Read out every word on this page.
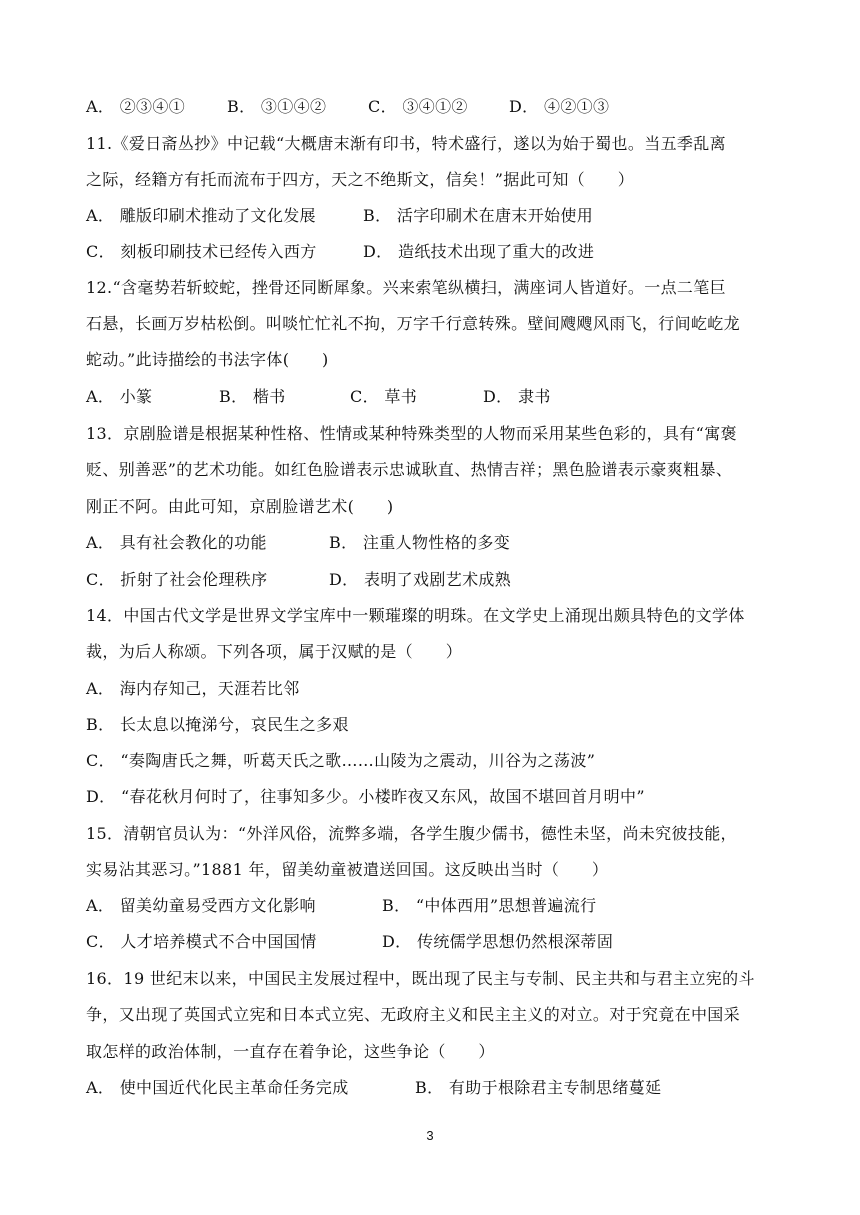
A． ②③④①	B． ③①④②	C． ③④①②	D． ④②①③
11.《爱日斋丛抄》中记载“大概唐末渐有印书，特术盛行，遂以为始于蜀也。当五季乱离
之际，经籍方有托而流布于四方，天之不绝斯文，信矣！”据此可知（　　）
A． 雕版印刷术推动了文化发展	B． 活字印刷术在唐末开始使用
C． 刻板印刷技术已经传入西方	D． 造纸技术出现了重大的改进
12.“含毫势若斩蛟蛇，挫骨还同断犀象。兴来索笔纵横扫，满座词人皆道好。一点二笔巨
石悬，长画万岁枯松倒。叫啖忙忙礼不拘，万字千行意转殊。壁间飕飕风雨飞，行间屹屹龙
蛇动。”此诗描绘的书法字体(　　)
A． 小篆	B． 楷书	C． 草书	D． 隶书
13．京剧脸谱是根据某种性格、性情或某种特殊类型的人物而采用某些色彩的，具有“寓褒
贬、别善恶”的艺术功能。如红色脸谱表示忠诚耿直、热情吉祥；黑色脸谱表示豪爽粗暴、
刚正不阿。由此可知，京剧脸谱艺术(　　)
A． 具有社会教化的功能	B． 注重人物性格的多变
C． 折射了社会伦理秩序	D． 表明了戏剧艺术成熟
14．中国古代文学是世界文学宝库中一颗璀璨的明珠。在文学史上涌现出颇具特色的文学体
裁，为后人称颂。下列各项，属于汉赋的是（　　）
A． 海内存知己，天涯若比邻
B． 长太息以掩涕兮，哀民生之多艰
C． “奏陶唐氏之舞，听葛天氏之歌……山陵为之震动，川谷为之荡波”
D． “春花秋月何时了，往事知多少。小楼昨夜又东风，故国不堪回首月明中”
15．清朝官员认为：“外洋风俗，流弊多端，各学生腹少儒书，德性未坚，尚未究彼技能，
实易沾其恶习。”1881 年，留美幼童被遣送回国。这反映出当时（　　）
A． 留美幼童易受西方文化影响	B． “中体西用”思想普遍流行
C． 人才培养模式不合中国国情	D． 传统儒学思想仍然根深蒂固
16．19 世纪末以来，中国民主发展过程中，既出现了民主与专制、民主共和与君主立宪的斗
争，又出现了英国式立宪和日本式立宪、无政府主义和民主主义的对立。对于究竟在中国采
取怎样的政治体制，一直存在着争论，这些争论（　　）
A． 使中国近代化民主革命任务完成	B． 有助于根除君主专制思绪蔓延
3
